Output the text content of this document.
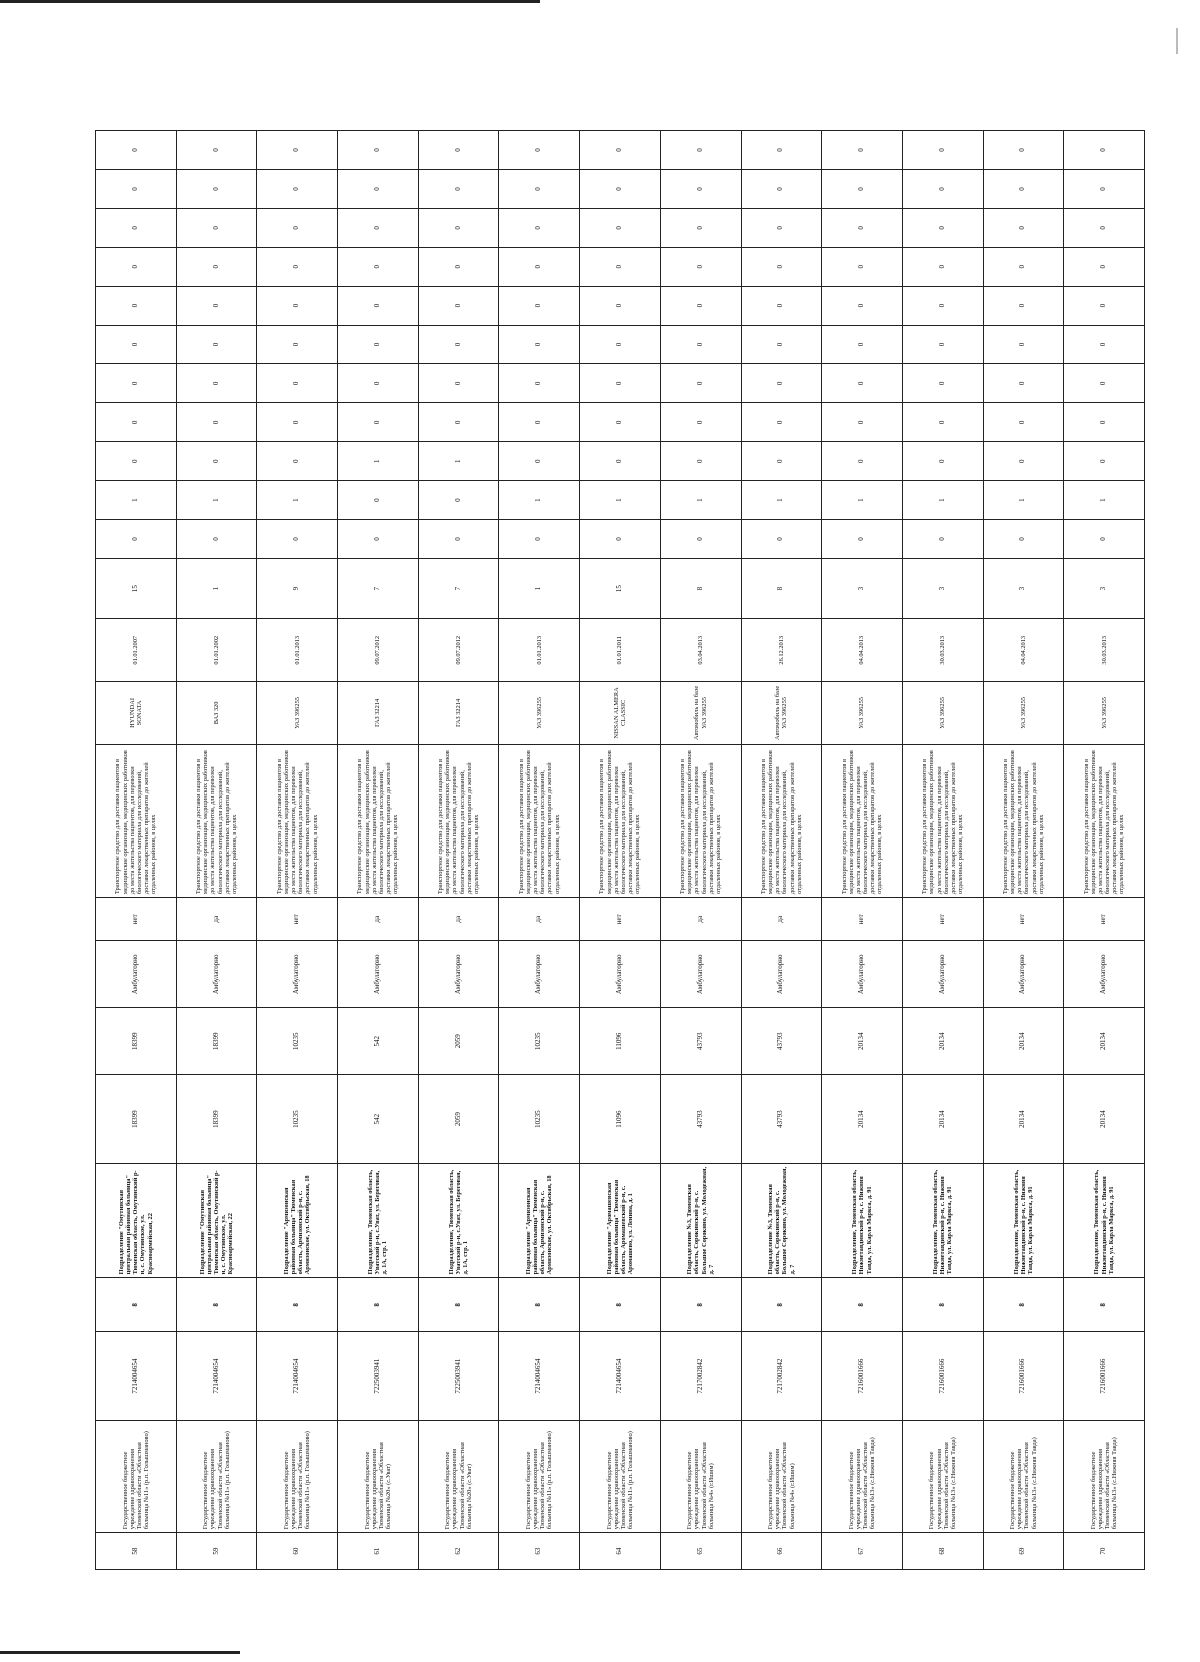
58	Государственное бюджетное учреждение здравоохранения Тюменской области «Областная больница №11» (р.п. Голышманово)	7214004654	8	Подразделение "Омутинская центральная районная больница" Тюменская область, Омутинский р-н, с. Омутинское, ул. Красноармейская, 22	18399	18399	Амбулаторно	нет	Транспортное средство для доставки пациентов в медицинские организации, медицинских работников до места жительства пациентов, для перевозки биологического материала для исследований, доставки лекарственных препаратов до жителей отдаленных районов, в целях	HYUNDAI SONATA	01.01.2007	15	0	1	0	0	0	0	0	0	0	0	0
59	Государственное бюджетное учреждение здравоохранения Тюменской области «Областная больница №11» (р.п. Голышманово)	7214004654	8	Подразделение "Омутинская центральная районная больница" Тюменская область, Омутинский р-н, с. Омутинское, ул. Красноармейская, 22	18399	18399	Амбулаторно	да	Транспортное средство для доставки пациентов в медицинские организации, медицинских работников до места жительства пациентов, для перевозки биологического материала для исследований, доставки лекарственных препаратов до жителей отдаленных районов, в целях	ВАЗ 320	01.01.2002	1	0	1	0	0	0	0	0	0	0	0	0
60	Государственное бюджетное учреждение здравоохранения Тюменской области «Областная больница №11» (р.п. Голышманово)	7214004654	8	Подразделение "Армизонская районная больница" Тюменская область, Армизонский р-н, с. Армизонское, ул. Октябрьская, 18	10235	10235	Амбулаторно	нет	Транспортное средство для доставки пациентов в медицинские организации, медицинских работников до места жительства пациентов, для перевозки биологического материала для исследований, доставки лекарственных препаратов до жителей отдаленных районов, в целях	УАЗ 396255	01.01.2013	9	0	1	0	0	0	0	0	0	0	0	0
61	Государственное бюджетное учреждение здравоохранения Тюменской области «Областная больница №20» (с.Уват)	7225003941	8	Подразделение, Тюменская область, Уватский р-н, с.Уват, ул. Береговая, д. 1А, стр. 1	542	542	Амбулаторно	да	Транспортное средство для доставки пациентов в медицинские организации, медицинских работников до места жительства пациентов, для перевозки биологического материала для исследований, доставки лекарственных препаратов до жителей отдаленных районов, в целях	ГАЗ 32214	09.07.2012	7	0	0	1	0	0	0	0	0	0	0	0
62	Государственное бюджетное учреждение здравоохранения Тюменской области «Областная больница №20» (с.Уват)	7225003941	8	Подразделение, Тюменская область, Уватский р-н, с.Уват, ул. Береговая, д. 1А, стр. 1	2059	2059	Амбулаторно	да	Транспортное средство для доставки пациентов в медицинские организации, медицинских работников до места жительства пациентов, для перевозки биологического материала для исследований, доставки лекарственных препаратов до жителей отдаленных районов, в целях	ГАЗ 32214	09.07.2012	7	0	0	1	0	0	0	0	0	0	0	0
63	Государственное бюджетное учреждение здравоохранения Тюменской области «Областная больница №11» (р.п. Голышманово)	7214004654	8	Подразделение "Армизонская районная больница" Тюменская область, Армизонский р-н, с. Армизонское, ул. Октябрьская, 18	10235	10235	Амбулаторно	да	Транспортное средство для доставки пациентов в медицинские организации, медицинских работников до места жительства пациентов, для перевозки биологического материала для исследований, доставки лекарственных препаратов до жителей отдаленных районов, в целях	УАЗ 396255	01.01.2013	1	0	1	0	0	0	0	0	0	0	0	0
64	Государственное бюджетное учреждение здравоохранения Тюменской области «Областная больница №11» (р.п. Голышманово)	7214004654	8	Подразделение "Аромашевская районная больница" Тюменская область, Аромашевский р-н, с. Аромашево, ул. Ленина, д. 1	11096	11096	Амбулаторно	нет	Транспортное средство для доставки пациентов в медицинские организации, медицинских работников до места жительства пациентов, для перевозки биологического материала для исследований, доставки лекарственных препаратов до жителей отдаленных районов, в целях	NISSAN ALMERA CLASSIC	01.01.2011	15	0	1	0	0	0	0	0	0	0	0	0
65	Государственное бюджетное учреждение здравоохранения Тюменской области «Областная больница №4» (г.Ишим)	7217002842	8	Подразделение №3, Тюменская область, Сорокинский р-н, с. Большое Сорокино, ул. Молодежная, д. 7	43793	43793	Амбулаторно	да	Транспортное средство для доставки пациентов в медицинские организации, медицинских работников до места жительства пациентов, для перевозки биологического материала для исследований, доставки лекарственных препаратов до жителей отдаленных районов, в целях	Автомобиль на базе УАЗ 396255	03.04.2013	8	0	1	0	0	0	0	0	0	0	0	0
66	Государственное бюджетное учреждение здравоохранения Тюменской области «Областная больница №4» (г.Ишим)	7217002842	8	Подразделение №3, Тюменская область, Сорокинский р-н, с. Большое Сорокино, ул. Молодежная, д. 7	43793	43793	Амбулаторно	да	Транспортное средство для доставки пациентов в медицинские организации, медицинских работников до места жительства пациентов, для перевозки биологического материала для исследований, доставки лекарственных препаратов до жителей отдаленных районов, в целях	Автомобиль на базе УАЗ 396255	26.12.2013	8	0	1	0	0	0	0	0	0	0	0	0
67	Государственное бюджетное учреждение здравоохранения Тюменской области «Областная больница №13» (с.Нижняя Тавда)	7216001666	8	Подразделение, Тюменская область, Нижнетавдинский р-н, с. Нижняя Тавда, ул. Карла Маркса, д. 91	20134	20134	Амбулаторно	нет	Транспортное средство для доставки пациентов в медицинские организации, медицинских работников до места жительства пациентов, для перевозки биологического материала для исследований, доставки лекарственных препаратов до жителей отдаленных районов, в целях	УАЗ 396255	04.04.2013	3	0	1	0	0	0	0	0	0	0	0	0
68	Государственное бюджетное учреждение здравоохранения Тюменской области «Областная больница №13» (с.Нижняя Тавда)	7216001666	8	Подразделение, Тюменская область, Нижнетавдинский р-н, с. Нижняя Тавда, ул. Карла Маркса, д. 91	20134	20134	Амбулаторно	нет	Транспортное средство для доставки пациентов в медицинские организации, медицинских работников до места жительства пациентов, для перевозки биологического материала для исследований, доставки лекарственных препаратов до жителей отдаленных районов, в целях	УАЗ 396255	30.03.2013	3	0	1	0	0	0	0	0	0	0	0	0
69	Государственное бюджетное учреждение здравоохранения Тюменской области «Областная больница №13» (с.Нижняя Тавда)	7216001666	8	Подразделение, Тюменская область, Нижнетавдинский р-н, с. Нижняя Тавда, ул. Карла Маркса, д. 91	20134	20134	Амбулаторно	нет	Транспортное средство для доставки пациентов в медицинские организации, медицинских работников до места жительства пациентов, для перевозки биологического материала для исследований, доставки лекарственных препаратов до жителей отдаленных районов, в целях	УАЗ 396255	04.04.2013	3	0	1	0	0	0	0	0	0	0	0	0
70	Государственное бюджетное учреждение здравоохранения Тюменской области «Областная больница №13» (с.Нижняя Тавда)	7216001666	8	Подразделение, Тюменская область, Нижнетавдинский р-н, с. Нижняя Тавда, ул. Карла Маркса, д. 91	20134	20134	Амбулаторно	нет	Транспортное средство для доставки пациентов в медицинские организации, медицинских работников до места жительства пациентов, для перевозки биологического материала для исследований, доставки лекарственных препаратов до жителей отдаленных районов, в целях	УАЗ 396255	30.03.2013	3	0	1	0	0	0	0	0	0	0	0	0
